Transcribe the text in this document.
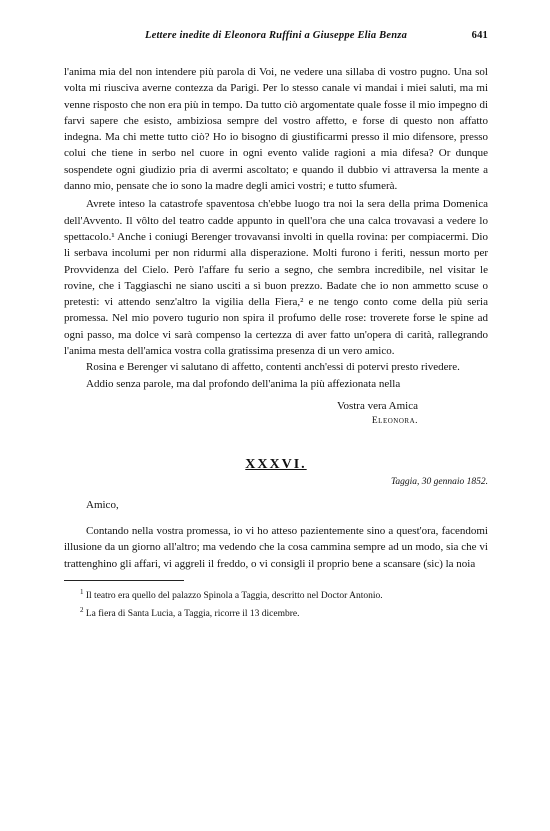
Lettere inedite di Eleonora Ruffini a Giuseppe Elia Benza	641

l'anima mia del non intendere più parola di Voi, ne vedere una sillaba di vostro pugno. Una sol volta mi riusciva averne contezza da Parigi. Per lo stesso canale vi mandai i miei saluti, ma mi venne risposto che non era più in tempo. Da tutto ciò argomentate quale fosse il mio impegno di farvi sapere che esisto, ambiziosa sempre del vostro affetto, e forse di questo non affatto indegna. Ma chi mette tutto ciò? Ho io bisogno di giustificarmi presso il mio difensore, presso colui che tiene in serbo nel cuore in ogni evento valide ragioni a mia difesa? Or dunque sospendete ogni giudizio pria di avermi ascoltato; e quando il dubbio vi attraversa la mente a danno mio, pensate che io sono la madre degli amici vostri; e tutto sfumerà.

Avrete inteso la catastrofe spaventosa ch'ebbe luogo tra noi la sera della prima Domenica dell'Avvento. Il vôlto del teatro cadde appunto in quell'ora che una calca trovavasi a vedere lo spettacolo.¹ Anche i coniugi Berenger trovavansi involti in quella rovina: per compiacermi. Dio li serbava incolumi per non ridurmi alla disperazione. Molti furono i feriti, nessun morto per Provvidenza del Cielo. Però l'affare fu serio a segno, che sembra incredibile, nel visitar le rovine, che i Taggiaschi ne siano usciti a sì buon prezzo. Badate che io non ammetto scuse o pretesti: vi attendo senz'altro la vigilia della Fiera,² e ne tengo conto come della più seria promessa. Nel mio povero tugurio non spira il profumo delle rose: troverete forse le spine ad ogni passo, ma dolce vi sarà compenso la certezza di aver fatto un'opera di carità, rallegrando l'anima mesta dell'amica vostra colla gratissima presenza di un vero amico.

Rosina e Berenger vi salutano di affetto, contenti anch'essi di potervi presto rivedere.

Addio senza parole, ma dal profondo dell'anima la più affezionata nella

Vostra vera Amica
Eleonora.
XXXVI.
Taggia, 30 gennaio 1852.
Amico,

Contando nella vostra promessa, io vi ho atteso pazientemente sino a quest'ora, facendomi illusione da un giorno all'altro; ma vedendo che la cosa cammina sempre ad un modo, sia che vi trattenghino gli affari, vi aggreli il freddo, o vi consigli il proprio bene a scansare (sic) la noia

$^1$ Il teatro era quello del palazzo Spinola a Taggia, descritto nel Doctor Antonio.

$^2$ La fiera di Santa Lucia, a Taggia, ricorre il 13 dicembre.
